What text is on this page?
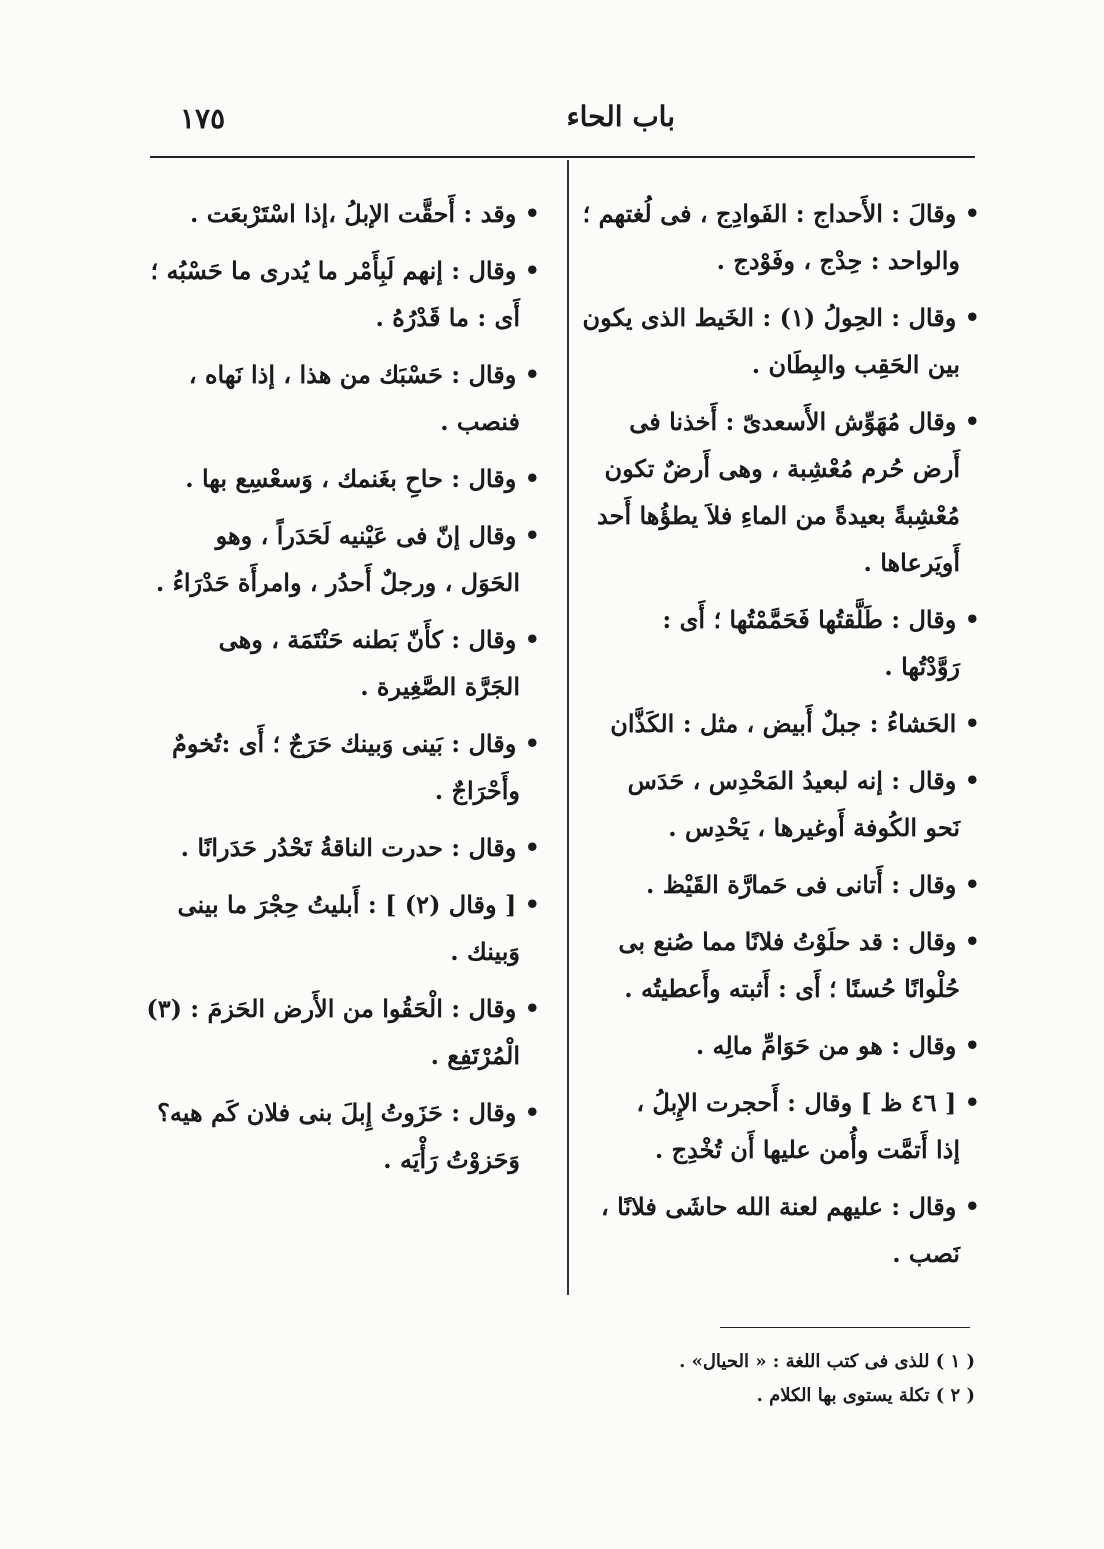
١٧٥	باب الحاء
• وقالَ : الأَحداج : الفَوادِج ، فى لُغتهم ؛
والواحد : حِدْج ، وفَوْدج .
• وقال : الحِولُ (١) : الخَيط الذى يكون
بين الحَقِب والبِطَان .
• وقال مُهَوِّش الأَسعدىّ : أَخذنا فى
أَرض حُرم مُعْشِبة ، وهى أَرضٌ تكون
مُعْشِبةً بعيدةً من الماءِ فلاَ يطؤُها أَحد
أَويَرعاها .
• وقال : طَلَّقتُها فَحَمَّمْتُها ؛ أَى :
رَوَّدْتُها .
• الحَشاءُ : جبلٌ أَبيض ، مثل : الكَذَّان
• وقال : إنه لبعيدُ المَحْدِس ، حَدَس
نَحو الكُوفة أَوغيرها ، يَحْدِس .
• وقال : أَتانى فى حَمارَّة القَيْظ .
• وقال : قد حلَوْتُ فلانًا مما صُنع بى
حُلْوانًا حُسنًا ؛ أَى : أَثبته وأَعطيتُه .
• وقال : هو من حَوَامِّ مالِه .
• [ ٤٦ ظ ] وقال : أَحجرت الإِبلُ ،
إذا أَتمَّت وأُمن عليها أَن تُخْدِج .
• وقال : عليهم لعنة الله حاشَى فلانًا ،
نَصب .
• وقد : أَحقَّت الإبلُ ،إذا اسْتَرْبعَت .
• وقال : إنهم لَبِأَمْر ما يُدرى ما حَسْبُه ؛
أَى : ما قَدْرُهُ .
• وقال : حَسْبَك من هذا ، إذا نَهاه ،
فنصب .
• وقال : حاحِ بغَنمك ، وَسعْسِع بها .
• وقال إنّ فى عَيْنيه لَحَدَراً ، وهو
الحَوَل ، ورجلٌ أَحدُر ، وامرأَة حَدْرَاءُ .
• وقال : كأَنّ بَطنه حَنْتَمَة ، وهى
الجَرَّة الصَّغِيرة .
• وقال : بَينى وَبينك حَرَجٌ ؛ أَى :تُخومٌ
وأَحْرَاجٌ .
• وقال : حدرت الناقةُ تَحْدُر حَدَرانًا .
• [ وقال (٢) ] : أَبليتُ حِجْرَ ما بينى
وَبينك .
• وقال : الْحَقُوا من الأَرض الحَزمَ : (٣)
الْمُرْتَفِع .
• وقال : حَزَوتُ إِبلَ بنى فلان كَم هيه؟
وَحَزوْتُ رَأْيَه .
( ١ ) للذى فى كتب اللغة : « الحيال» .
( ٢ ) تكلة يستوى بها الكلام .
